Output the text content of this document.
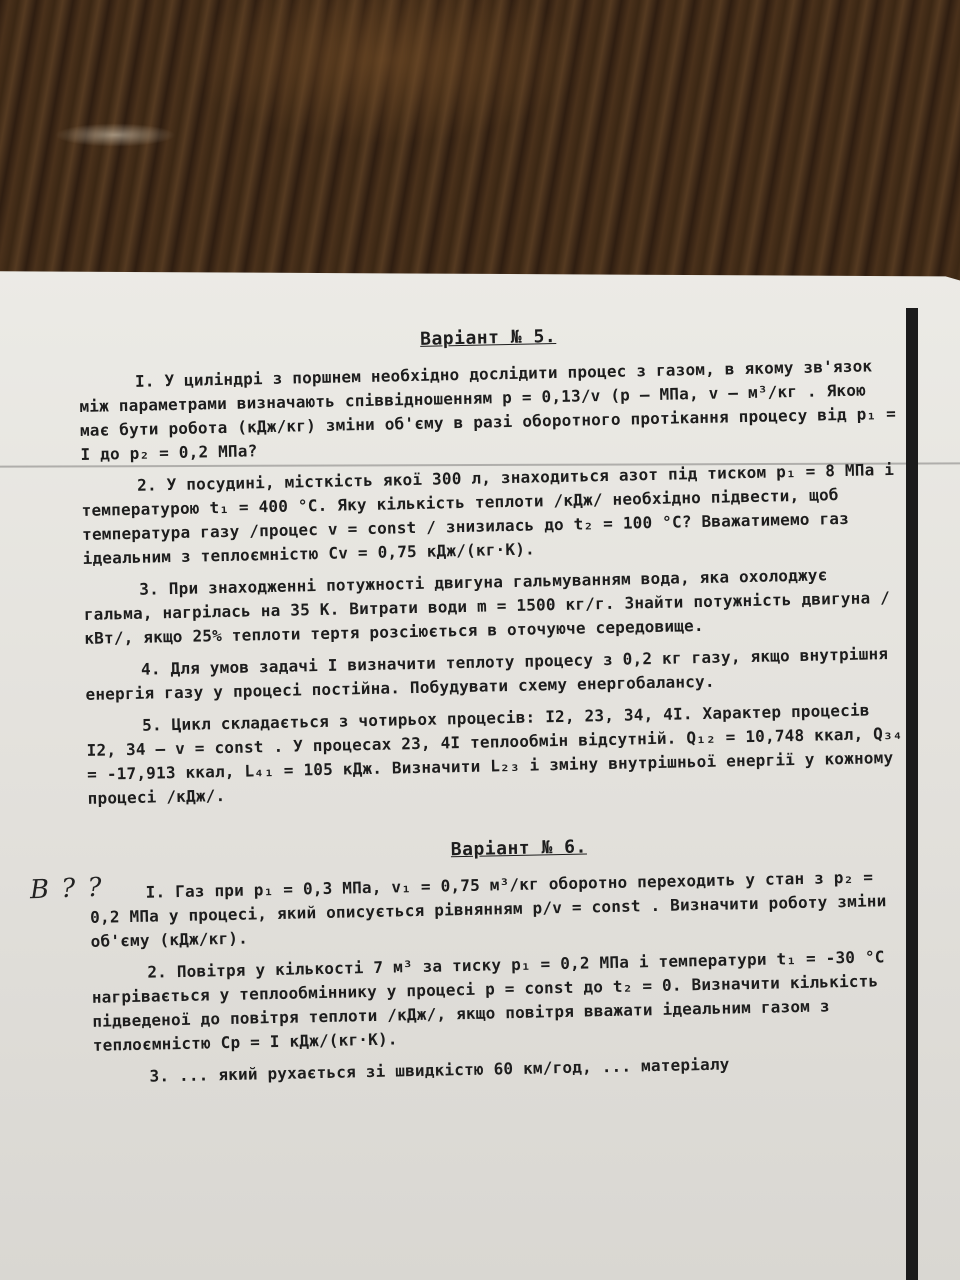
Варіант № 5.

І. У циліндрі з поршнем необхідно дослідити процес з газом, в якому зв'язок між параметрами визначають співвідношенням p = 0,13/v (p – МПа, v – м³/кг . Якою має бути робота (кДж/кг) зміни об'єму в разі оборотного протікання процесу від p₁ = І до p₂ = 0,2 МПа?

2. У посудині, місткість якої 300 л, знаходиться азот під тиском p₁ = 8 МПа і температурою t₁ = 400 °С. Яку кількість теплоти /кДж/ необхідно підвести, щоб температура газу /процес v = const / знизилась до t₂ = 100 °С? Вважатимемо газ ідеальним з теплоємністю Cv = 0,75 кДж/(кг·К).

3. При знаходженні потужності двигуна гальмуванням вода, яка охолоджує гальма, нагрілась на 35 К. Витрати води m = 1500 кг/г. Знайти потужність двигуна /кВт/, якщо 25% теплоти тертя розсіюється в оточуюче середовище.

4. Для умов задачі І визначити теплоту процесу з 0,2 кг газу, якщо внутрішня енергія газу у процесі постійна. Побудувати схему енергобалансу.

5. Цикл складається з чотирьох процесів: І2, 23, 34, 4І. Характер процесів І2, 34 – v = const . У процесах 23, 4І теплообмін відсутній. Q₁₂ = 10,748 ккал, Q₃₄ = -17,913 ккал, L₄₁ = 105 кДж. Визначити L₂₃ і зміну внутрішньої енергії у кожному процесі /кДж/.

Варіант № 6.

І. Газ при p₁ = 0,3 МПа, v₁ = 0,75 м³/кг оборотно переходить у стан з p₂ = 0,2 МПа у процесі, який описується рівнянням p/v = const . Визначити роботу зміни об'єму (кДж/кг).

2. Повітря у кількості 7 м³ за тиску p₁ = 0,2 МПа і температури t₁ = -30 °С нагрівається у теплообміннику у процесі p = const до t₂ = 0. Визначити кількість підведеної до повітря теплоти /кДж/, якщо повітря вважати ідеальним газом з теплоємністю Cp = І кДж/(кг·К).

3. ... який рухається зі швидкістю 60 км/год, ... матеріалу

В ? ?
